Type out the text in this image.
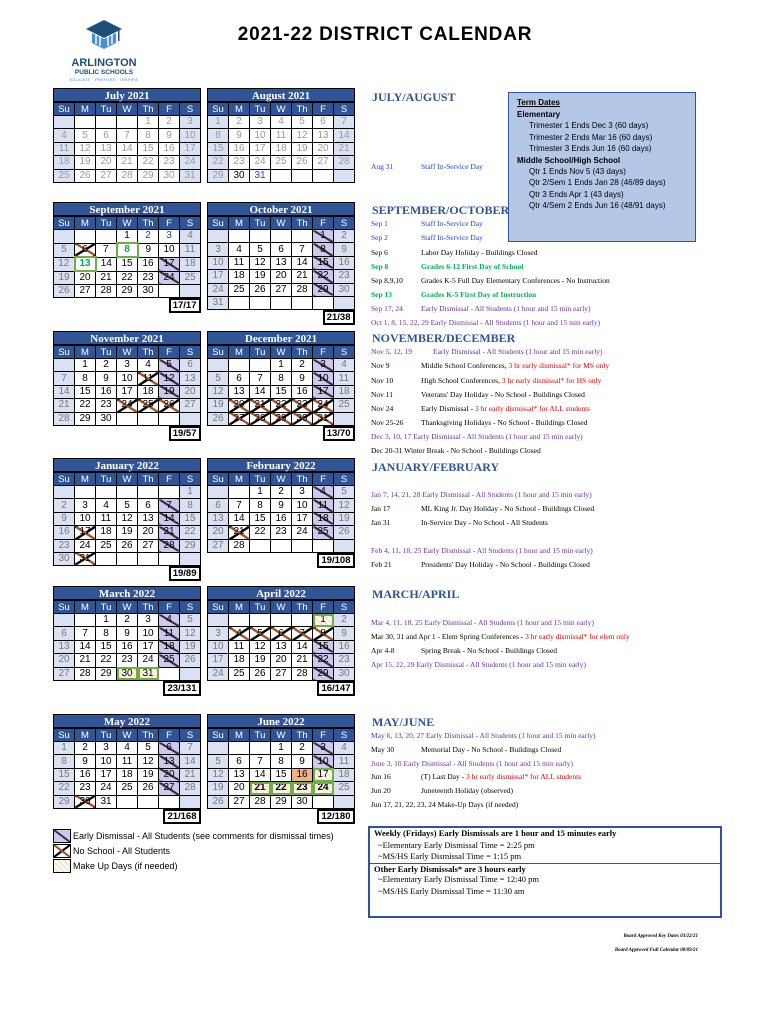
ARLINGTON
PUBLIC SCHOOLS
EDUCATE · PREPARE · INSPIRE
2021-22 DISTRICT CALENDAR
July 2021
Su	M	Tu	W	Th	F	S
				1	2	3
4	5	6	7	8	9	10
11	12	13	14	15	16	17
18	19	20	21	22	23	24
25	26	27	28	29	30	31
August 2021
Su	M	Tu	W	Th	F	S
1	2	3	4	5	6	7
8	9	10	11	12	13	14
15	16	17	18	19	20	21
22	23	24	25	26	27	28
29	30	31				
September 2021
Su	M	Tu	W	Th	F	S
			1	2	3	4
5	6	7	8	9	10	11
12	13	14	15	16	17	18
19	20	21	22	23	24	25
26	27	28	29	30		

17/17						
October 2021
Su	M	Tu	W	Th	F	S
					1	2
3	4	5	6	7	8	9
10	11	12	13	14	15	16
17	18	19	20	21	22	23
24	25	26	27	28	29	30
31						

21/38						
November 2021
Su	M	Tu	W	Th	F	S
	1	2	3	4	5	6
7	8	9	10	11	12	13
14	15	16	17	18	19	20
21	22	23	24	25	26	27
28	29	30				

19/57						
December 2021
Su	M	Tu	W	Th	F	S
			1	2	3	4
5	6	7	8	9	10	11
12	13	14	15	16	17	18
19	20	21	22	23	24	25
26	27	28	29	30	31	

13/70						
January 2022
Su	M	Tu	W	Th	F	S
						1
2	3	4	5	6	7	8
9	10	11	12	13	14	15
16	17	18	19	20	21	22
23	24	25	26	27	28	29
30	31					

19/89						
February 2022
Su	M	Tu	W	Th	F	S
		1	2	3	4	5
6	7	8	9	10	11	12
13	14	15	16	17	18	19
20	21	22	23	24	25	26
27	28					

19/108						
March 2022
Su	M	Tu	W	Th	F	S
		1	2	3	4	5
6	7	8	9	10	11	12
13	14	15	16	17	18	19
20	21	22	23	24	25	26
27	28	29	30	31		

23/131						
April 2022
Su	M	Tu	W	Th	F	S
					1	2
3	4	5	6	7	8	9
10	11	12	13	14	15	16
17	18	19	20	21	22	23
24	25	26	27	28	29	30

16/147						
May 2022
Su	M	Tu	W	Th	F	S
1	2	3	4	5	6	7
8	9	10	11	12	13	14
15	16	17	18	19	20	21
22	23	24	25	26	27	28
29	30	31				

21/168						
June 2022
Su	M	Tu	W	Th	F	S
			1	2	3	4
5	6	7	8	9	10	11
12	13	14	15	16	17	18
19	20	21	22	23	24	25
26	27	28	29	30		

12/180						
Term Dates
Elementary
Trimester 1 Ends Dec 3 (60 days)
Trimester 2 Ends Mar 16 (60 days)
Trimester 3 Ends Jun 16 (60 days)
Middle School/High School
Qtr 1 Ends Nov 5 (43 days)
Qtr 2/Sem 1 Ends Jan 28 (46/89 days)
Qtr 3 Ends Apr 1 (43 days)
Qtr 4/Sem 2 Ends Jun 16 (48/91 days)
JULY/AUGUST
SEPTEMBER/OCTOBER
NOVEMBER/DECEMBER
JANUARY/FEBRUARY
MARCH/APRIL
MAY/JUNE
Aug 31	Staff In-Service Day
Sep 1	Staff In-Service Day
Sep 2	Staff In-Service Day
Sep 6	Labor Day Holiday - Buildings Closed
Sep 8	Grades 6-12 First Day of School
Sep 8,9,10 Grades K-5 Full Day Elementary Conferences - No Instruction
Sep 13	Grades K-5 First Day of Instruction
Sep 17, 24 Early Dismissal - All Students (1 hour and 15 min early)
Oct 1, 8, 15, 22, 29 Early Dismissal - All Students (1 hour and 15 min early)
Nov 5, 12, 19	Early Dismissal - All Students (1 hour and 15 min early)
Nov 9	Middle School Conferences, 3 hr early dismissal* for MS only
Nov 10	High School Conferences, 3 hr early dismissal* for HS only
Nov 11	Veterans' Day Holiday - No School - Buildings Closed
Nov 24	Early Dismissal - 3 hr early dismissal* for ALL students
Nov 25-26 Thanksgiving Holidays - No School - Buildings Closed
Dec 3, 10, 17 Early Dismissal - All Students (1 hour and 15 min early)
Dec 20-31 Winter Break - No School - Buildings Closed
Jan 7, 14, 21, 28 Early Dismissal - All Students (1 hour and 15 min early)
Jan 17	ML King Jr. Day Holiday - No School - Buildings Closed
Jan 31	In-Service Day - No School - All Students
Feb 4, 11, 18, 25 Early Dismissal - All Students (1 hour and 15 min early)
Feb 21	Presidents' Day Holiday - No School - Buildings Closed
Mar 4, 11, 18, 25 Early Dismissal - All Students (1 hour and 15 min early)
Mar 30, 31 and Apr 1 - Elem Spring Conferences - 3 hr early dismissal* for elem only
Apr 4-8	Spring Break - No School - Buildings Closed
Apr 15, 22, 29 Early Dismissal - All Students (1 hour and 15 min early)
May 6, 13, 20, 27 Early Dismissal - All Students (1 hour and 15 min early)
May 30	Memorial Day - No School - Buildings Closed
June 3, 10 Early Dismissal - All Students (1 hour and 15 min early)
Jun 16	(T) Last Day - 3 hr early dismissal* for ALL students
Jun 20	Juneteenth Holiday (observed)
Jun 17, 21, 22, 23, 24 Make-Up Days (if needed)
Early Dismissal - All Students (see comments for dismissal times)
No School - All Students
Make Up Days (if needed)
Weekly (Fridays) Early Dismissals are 1 hour and 15 minutes early
~Elementary Early Dismissal Time = 2:25 pm
~MS/HS Early Dismissal Time = 1:15 pm
Other Early Dismissals* are 3 hours early
~Elementary Early Dismissal Time = 12:40 pm
~MS/HS Early Dismissal Time = 11:30 am
Board Approved Key Dates 03/22/21
Board Approved Full Calendar 08/09/21
